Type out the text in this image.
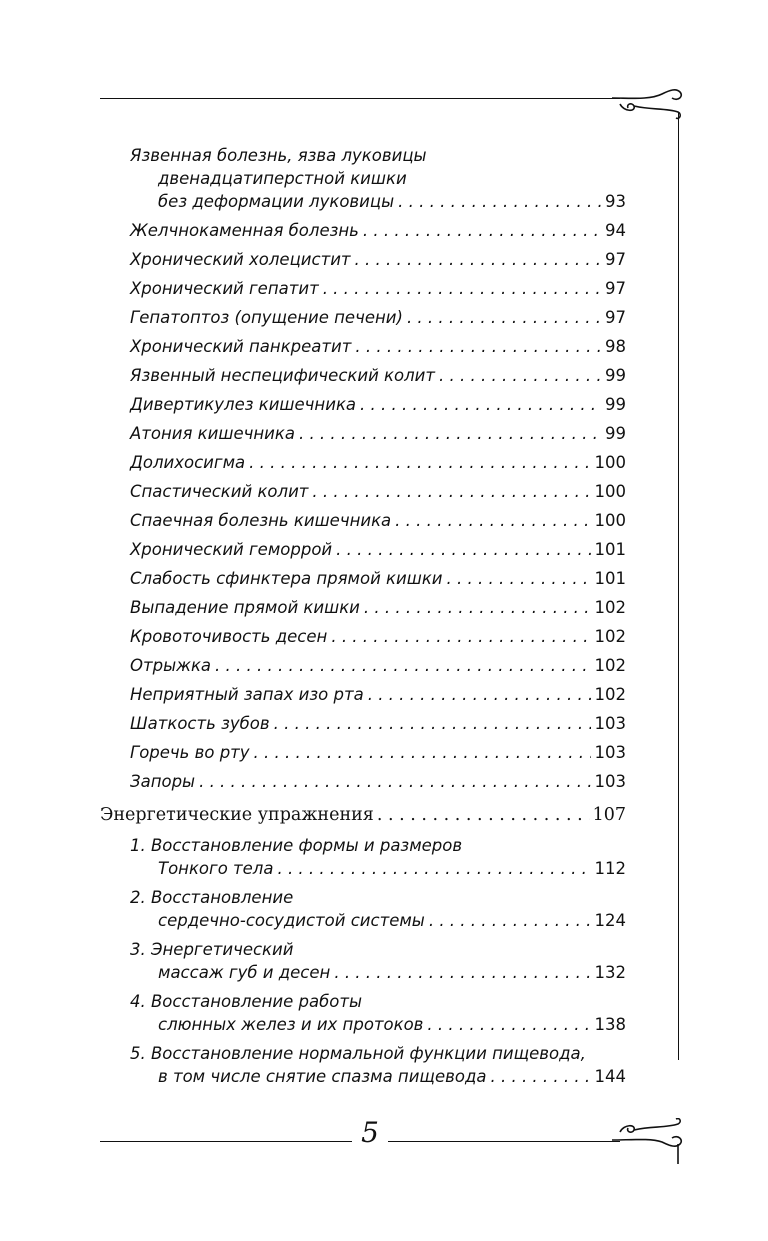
5
Язвенная болезнь, язва луковицы
двенадцатиперстной кишки
без деформации луковицы . . .	93
Желчнокаменная болезнь . . .	94
Хронический холецистит . . .	97
Хронический гепатит . . .	97
Гепатоптоз (опущение печени) . . .	97
Хронический панкреатит . . .	98
Язвенный неспецифический колит . . .	99
Дивертикулез кишечника . . .	99
Атония кишечника . . .	99
Долихосигма . . .	100
Спастический колит . . .	100
Спаечная болезнь кишечника . . .	100
Хронический геморрой . . .	101
Слабость сфинктера прямой кишки . . .	101
Выпадение прямой кишки . . .	102
Кровоточивость десен . . .	102
Отрыжка . . .	102
Неприятный запах изо рта . . .	102
Шаткость зубов . . .	103
Горечь во рту . . .	103
Запоры . . .	103
Энергетические упражнения . . .	107
1. Восстановление формы и размеров
Тонкого тела . . .	112
2. Восстановление
сердечно-сосудистой системы . . .	124
3. Энергетический
массаж губ и десен . . .	132
4. Восстановление работы
слюнных желез и их протоков . . .	138
5. Восстановление нормальной функции пищевода,
в том числе снятие спазма пищевода . . .	144
